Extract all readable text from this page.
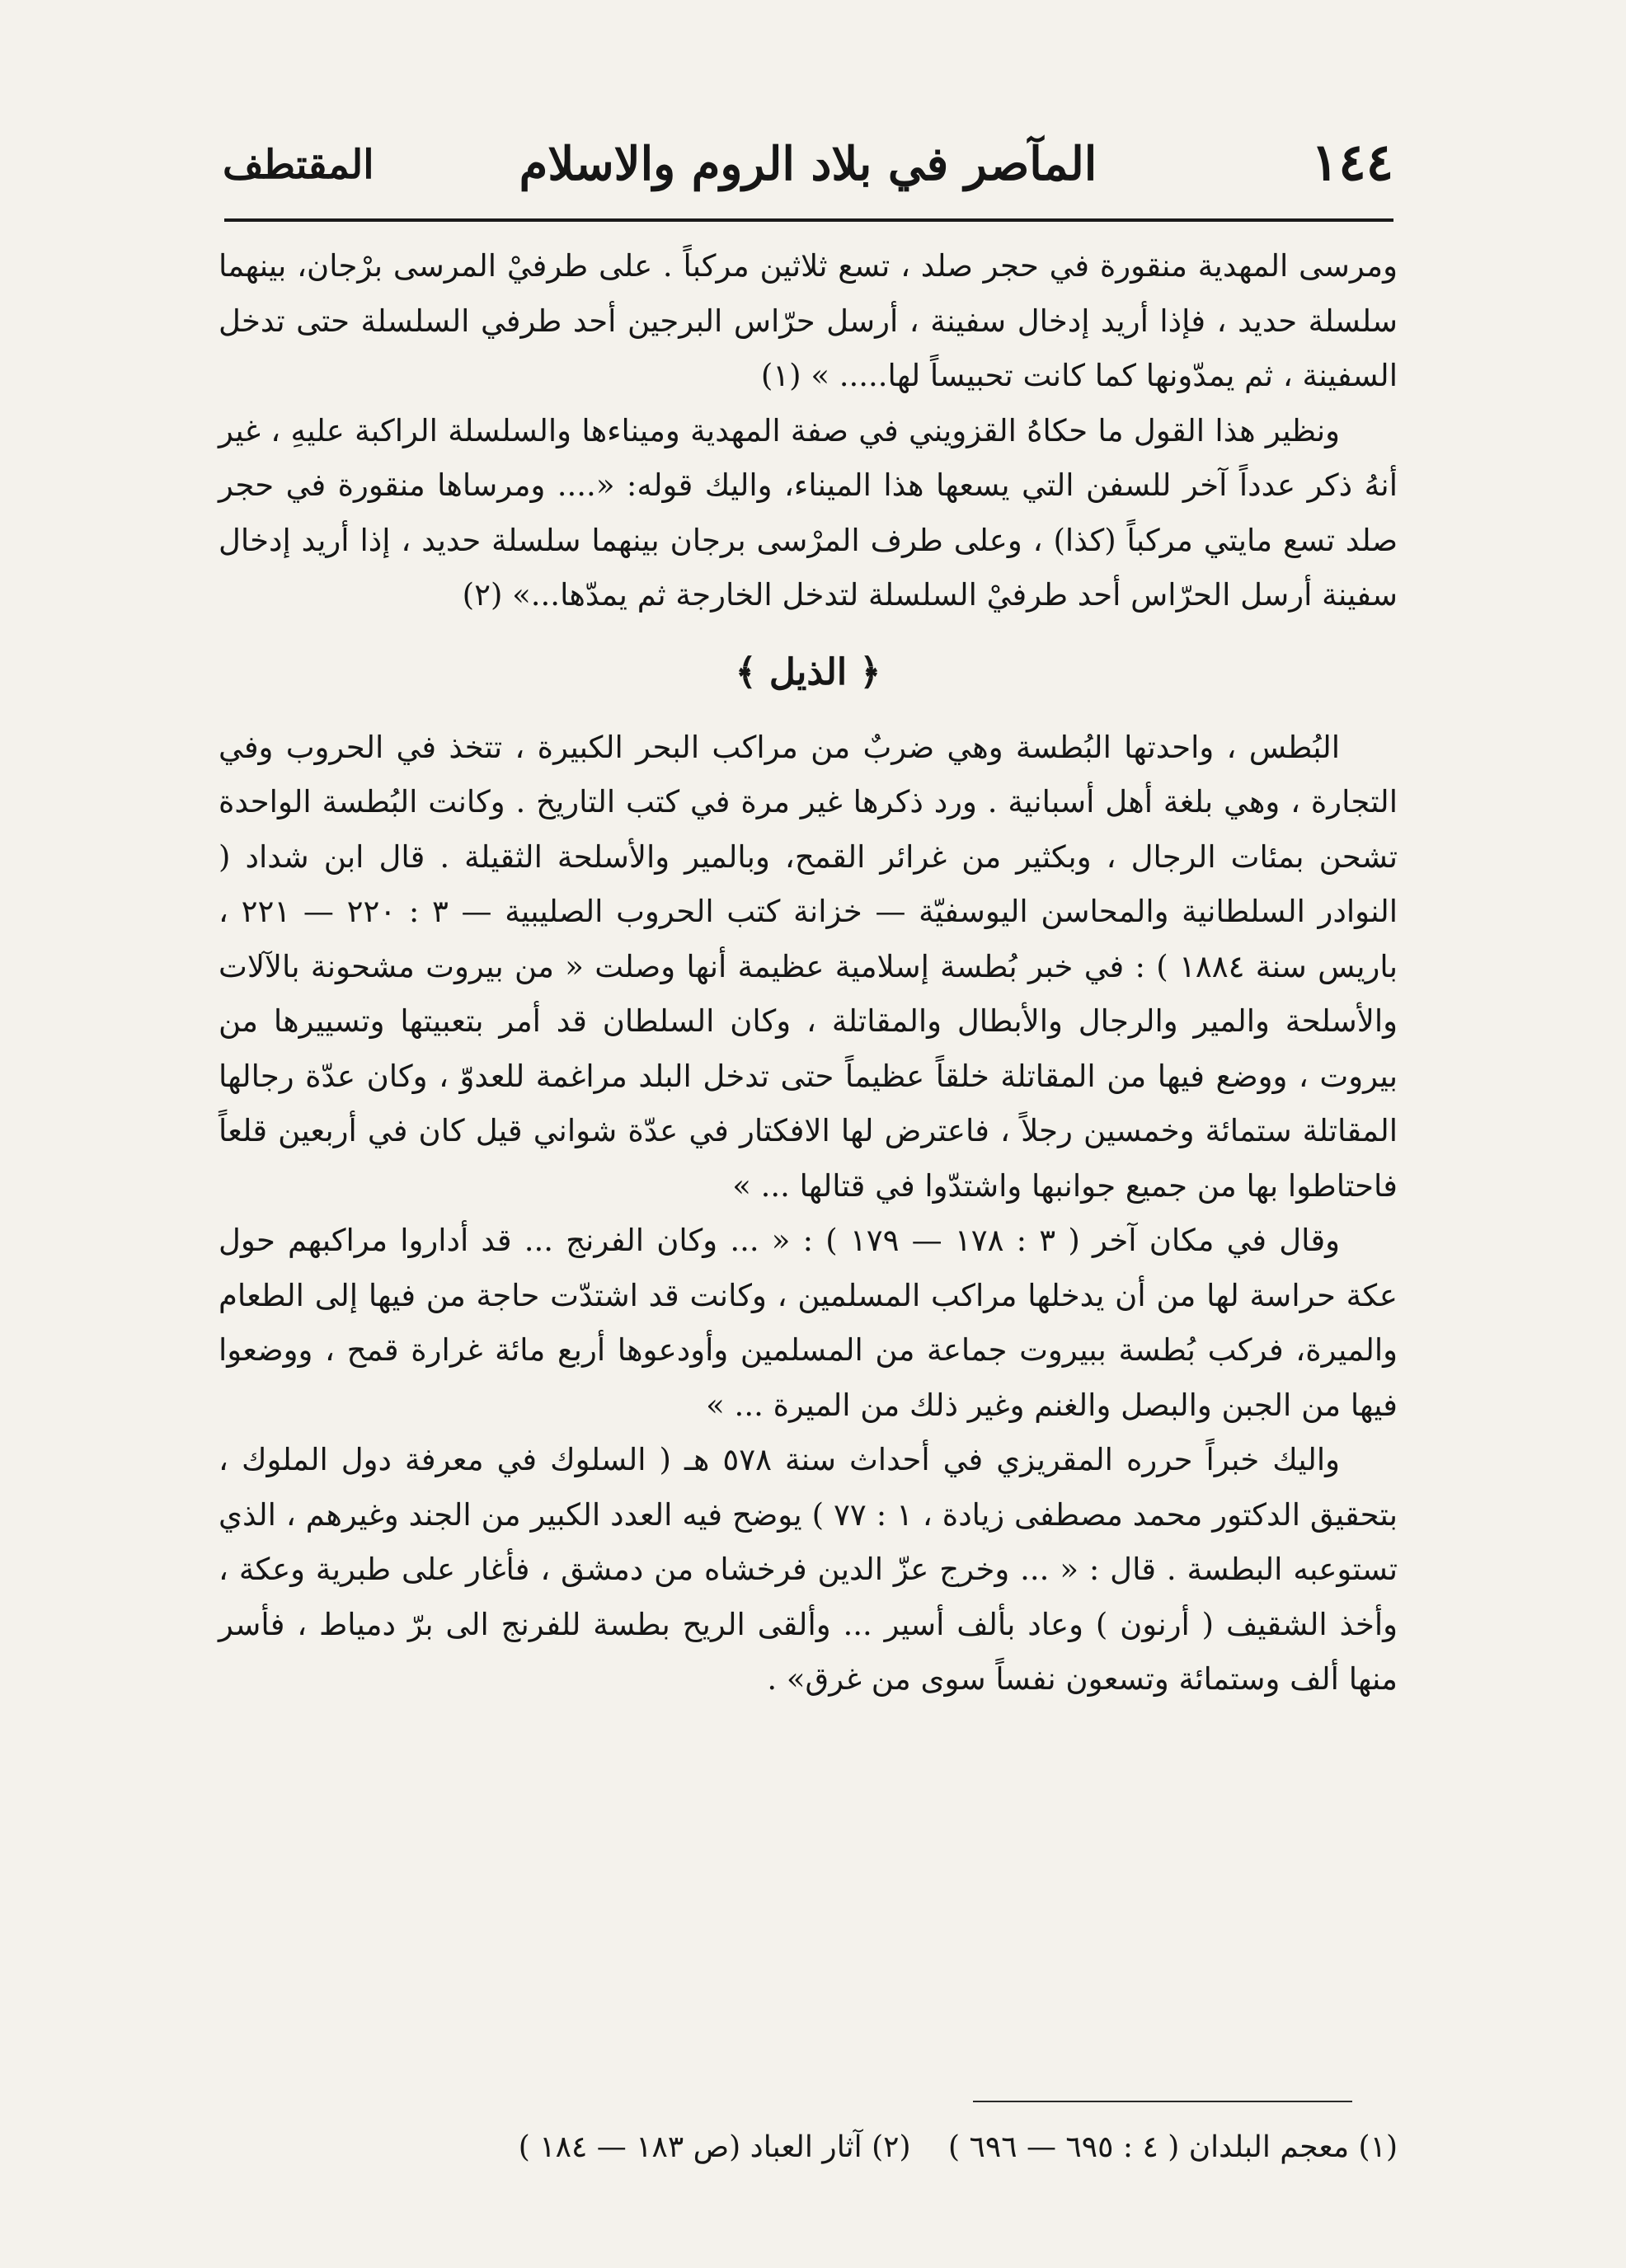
١٤٤
المآصر في بلاد الروم والاسلام
المقتطف

ومرسى المهدية منقورة في حجر صلد ، تسع ثلاثين مركباً . على طرفيْ المرسى برْجان، بينهما سلسلة حديد ، فإذا أريد إدخال سفينة ، أرسل حرّاس البرجين أحد طرفي السلسلة حتى تدخل السفينة ، ثم يمدّونها كما كانت تحبيساً لها..... » (١)

ونظير هذا القول ما حكاهُ القزويني في صفة المهدية وميناءها والسلسلة الراكبة عليهِ ، غير أنهُ ذكر عدداً آخر للسفن التي يسعها هذا الميناء، واليك قوله: «.... ومرساها منقورة في حجر صلد تسع مايتي مركباً (كذا) ، وعلى طرف المرْسى برجان بينهما سلسلة حديد ، إذا أريد إدخال سفينة أرسل الحرّاس أحد طرفيْ السلسلة لتدخل الخارجة ثم يمدّها...» (٢)

﴿ الذيل ﴾

البُطس ، واحدتها البُطسة وهي ضربٌ من مراكب البحر الكبيرة ، تتخذ في الحروب وفي التجارة ، وهي بلغة أهل أسبانية . ورد ذكرها غير مرة في كتب التاريخ . وكانت البُطسة الواحدة تشحن بمئات الرجال ، وبكثير من غرائر القمح، وبالمير والأسلحة الثقيلة . قال ابن شداد ( النوادر السلطانية والمحاسن اليوسفيّة — خزانة كتب الحروب الصليبية — ٣ : ٢٢٠ — ٢٢١ ، باريس سنة ١٨٨٤ ) : في خبر بُطسة إسلامية عظيمة أنها وصلت « من بيروت مشحونة بالآلات والأسلحة والمير والرجال والأبطال والمقاتلة ، وكان السلطان قد أمر بتعبيتها وتسييرها من بيروت ، ووضع فيها من المقاتلة خلقاً عظيماً حتى تدخل البلد مراغمة للعدوّ ، وكان عدّة رجالها المقاتلة ستمائة وخمسين رجلاً ، فاعترض لها الافكتار في عدّة شواني قيل كان في أربعين قلعاً فاحتاطوا بها من جميع جوانبها واشتدّوا في قتالها ... »

وقال في مكان آخر ( ٣ : ١٧٨ — ١٧٩ ) : « ... وكان الفرنج ... قد أداروا مراكبهم حول عكة حراسة لها من أن يدخلها مراكب المسلمين ، وكانت قد اشتدّت حاجة من فيها إلى الطعام والميرة، فركب بُطسة ببيروت جماعة من المسلمين وأودعوها أربع مائة غرارة قمح ، ووضعوا فيها من الجبن والبصل والغنم وغير ذلك من الميرة ... »

واليك خبراً حرره المقريزي في أحداث سنة ٥٧٨ هـ ( السلوك في معرفة دول الملوك ، بتحقيق الدكتور محمد مصطفى زيادة ، ١ : ٧٧ ) يوضح فيه العدد الكبير من الجند وغيرهم ، الذي تستوعبه البطسة . قال : « ... وخرج عزّ الدين فرخشاه من دمشق ، فأغار على طبرية وعكة ، وأخذ الشقيف ( أرنون ) وعاد بألف أسير ... وألقى الريح بطسة للفرنج الى برّ دمياط ، فأسر منها ألف وستمائة وتسعون نفساً سوى من غرق» .

(١) معجم البلدان ( ٤ : ٦٩٥ — ٦٩٦ ) (٢) آثار العباد (ص ١٨٣ — ١٨٤ )
